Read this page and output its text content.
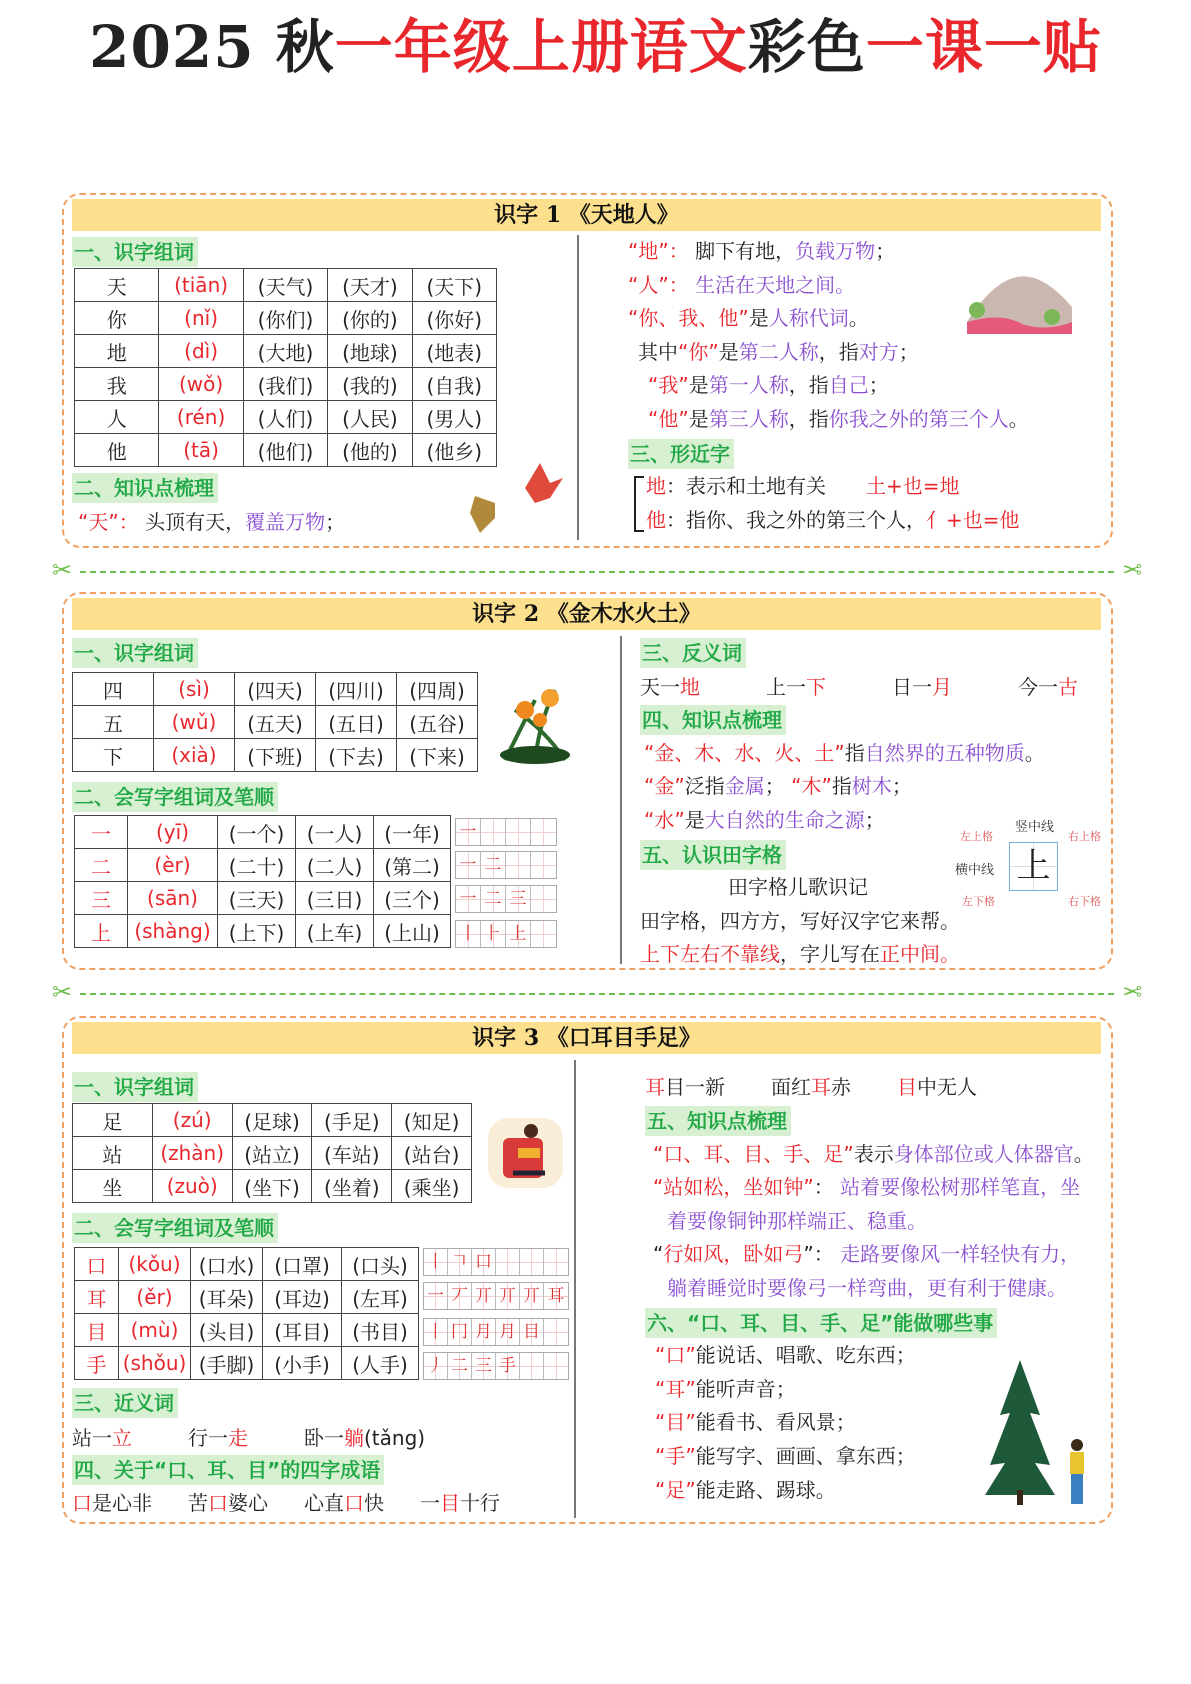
2025 秋一年级上册语文彩色一课一贴
识字 1 《天地人》
一、识字组词
天	(tiān)	(天气)	(天才)	(天下)
你	(nǐ)	(你们)	(你的)	(你好)
地	(dì)	(大地)	(地球)	(地表)
我	(wǒ)	(我们)	(我的)	(自我)
人	(rén)	(人们)	(人民)	(男人)
他	(tā)	(他们)	(他的)	(他乡)
二、知识点梳理
“天”： 头顶有天，覆盖万物；
“地”： 脚下有地，负载万物；
“人”： 生活在天地之间。
“你、我、他”是人称代词。
其中“你”是第二人称，指对方；
“我”是第一人称，指自己；
“他”是第三人称，指你我之外的第三个人。
三、形近字
地：表示和土地有关　　土+也=地
他：指你、我之外的第三个人，亻+也=他
✂	✂
识字 2 《金木水火土》
一、识字组词
四	(sì)	(四天)	(四川)	(四周)
五	(wǔ)	(五天)	(五日)	(五谷)
下	(xià)	(下班)	(下去)	(下来)
二、会写字组词及笔顺
一	(yī)	(一个)	(一人)	(一年)
二	(èr)	(二十)	(二人)	(第二)
三	(sān)	(三天)	(三日)	(三个)
上	(shàng)	(上下)	(上车)	(上山)
三、反义词
四、知识点梳理
“金、木、水、火、土”指自然界的五种物质。
“金”泛指金属； “木”指树木；
“水”是大自然的生命之源；
五、认识田字格
田字格儿歌识记
田字格，四方方，写好汉字它来帮。
上下左右不靠线，字儿写在正中间。
天一地	上一下	日一月	今一古
上
竖中线
左上格	右上格
横中线
左下格	右下格
✂	✂
识字 3 《口耳目手足》
一、识字组词
足	(zú)	(足球)	(手足)	(知足)
站	(zhàn)	(站立)	(车站)	(站台)
坐	(zuò)	(坐下)	(坐着)	(乘坐)
二、会写字组词及笔顺
口	(kǒu)	(口水)	(口罩)	(口头)
耳	(ěr)	(耳朵)	(耳边)	(左耳)
目	(mù)	(头目)	(耳目)	(书目)
手	(shǒu)	(手脚)	(小手)	(人手)
三、近义词
站一立	行一走	卧一躺(tǎng)
四、关于“口、耳、目”的四字成语
口是心非 苦口婆心 心直口快 一目十行
耳目一新 面红耳赤 目中无人
五、知识点梳理
“口、耳、目、手、足”表示身体部位或人体器官。
“站如松，坐如钟”： 站着要像松树那样笔直，坐
着要像铜钟那样端正、稳重。
“行如风，卧如弓”： 走路要像风一样轻快有力，
躺着睡觉时要像弓一样弯曲，更有利于健康。
六、“口、耳、目、手、足”能做哪些事
“口”能说话、唱歌、吃东西；
“耳”能听声音；
“目”能看书、看风景；
“手”能写字、画画、拿东西；
“足”能走路、踢球。
一
一 二
一 二 三
丨 ⺊ 上
丨 𠃍 口
一 丆 丌 丌 丌 耳
丨 冂 月 月 目
丿 二 三 手
